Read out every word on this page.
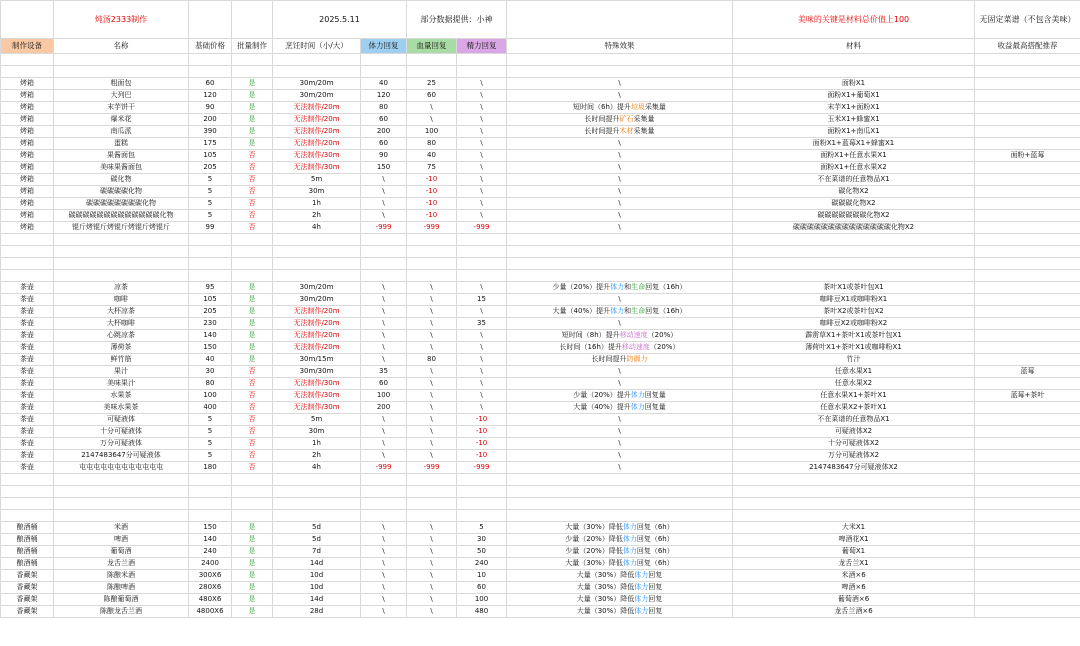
	炖汤2333制作			2025.5.11		部分数据提供：小神			美味的关键是材料总价值上100	无固定菜谱（不包含美味）
制作设备	名称	基础价格	批量制作	烹饪时间（小/大）	体力回复	血量回复	精力回复	特殊效果	材料	收益最高搭配推荐

烤箱	粗面包	60	是	30m/20m	40	25	\	\	面粉X1	
烤箱	大列巴	120	是	30m/20m	120	60	\	\	面粉X1+葡萄X1	
烤箱	末芋饼干	90	是	无法制作/20m	80	\	\	短时间（6h）提升垃圾采集量	末芋X1+面粉X1	
烤箱	爆米花	200	是	无法制作/20m	60	\	\	长时间提升矿石采集量	玉米X1+蜂蜜X1	
烤箱	南瓜派	390	是	无法制作/20m	200	100	\	长时间提升木材采集量	面粉X1+南瓜X1	
烤箱	蛋糕	175	是	无法制作/20m	60	80	\	\	面粉X1+蓝莓X1+蜂蜜X1	
烤箱	果酱面包	105	否	无法制作/30m	90	40	\	\	面粉X1+任意水果X1	面粉+蓝莓
烤箱	美味果酱面包	205	否	无法制作/30m	150	75	\	\	面粉X1+任意水果X2	
烤箱	碳化物	5	否	5m	\	-10	\	\	不在菜谱的任意物品X1	
烤箱	碳碳碳碳化物	5	否	30m	\	-10	\	\	碳化物X2	
烤箱	碳碳碳碳碳碳碳碳化物	5	否	1h	\	-10	\	\	碳碳碳化物X2	
烤箱	碳碳碳碳碳碳碳碳碳碳碳碳碳化物	5	否	2h	\	-10	\	\	碳碳碳碳碳碳碳化物X2	
烤箱	锟斤烤锟斤烤锟斤烤锟斤烤锟斤	99	否	4h	-999	-999	-999	\	碳碳碳碳碳碳碳碳碳碳碳碳碳碳化物X2	

茶壶	凉茶	95	是	30m/20m	\	\	\	少量（20%）提升体力和生命回复（16h）	茶叶X1或茶叶包X1	
茶壶	咖啡	105	是	30m/20m	\	\	15	\	咖啡豆X1或咖啡粉X1	
茶壶	大杯凉茶	205	是	无法制作/20m	\	\	\	大量（40%）提升体力和生命回复（16h）	茶叶X2或茶叶包X2	
茶壶	大杯咖啡	230	是	无法制作/20m	\	\	35	\	咖啡豆X2或咖啡粉X2	
茶壶	心跳凉茶	140	是	无法制作/20m	\	\	\	短时间（8h）提升移动速度（20%）	霹雳草X1+茶叶X1或茶叶包X1	
茶壶	薄荷茶	150	是	无法制作/20m	\	\	\	长时间（16h）提升移动速度（20%）	薄荷叶X1+茶叶X1或咖啡粉X1	
茶壶	鲜竹筋	40	是	30m/15m	\	80	\	长时间提升防御力	竹汁	
茶壶	果汁	30	否	30m/30m	35	\	\	\	任意水果X1	蓝莓
茶壶	美味果汁	80	否	无法制作/30m	60	\	\	\	任意水果X2	
茶壶	水果茶	100	否	无法制作/30m	100	\	\	少量（20%）提升体力回复量	任意水果X1+茶叶X1	蓝莓+茶叶
茶壶	美味水果茶	400	否	无法制作/30m	200	\	\	大量（40%）提升体力回复量	任意水果X2+茶叶X1	
茶壶	可疑液体	5	否	5m	\	\	-10	\	不在菜谱的任意物品X1	
茶壶	十分可疑液体	5	否	30m	\	\	-10	\	可疑液体X2	
茶壶	万分可疑液体	5	否	1h	\	\	-10	\	十分可疑液体X2	
茶壶	2147483647分可疑液体	5	否	2h	\	\	-10	\	万分可疑液体X2	
茶壶	屯屯屯屯屯屯屯屯屯屯屯屯	180	否	4h	-999	-999	-999	\	2147483647分可疑液体X2	

酿酒桶	米酒	150	是	5d	\	\	5	大量（30%）降低体力回复（6h）	大米X1	
酿酒桶	啤酒	140	是	5d	\	\	30	少量（20%）降低体力回复（6h）	啤酒花X1	
酿酒桶	葡萄酒	240	是	7d	\	\	50	少量（20%）降低体力回复（6h）	葡萄X1	
酿酒桶	龙舌兰酒	2400	是	14d	\	\	240	大量（30%）降低体力回复（6h）	龙舌兰X1	
香藏架	陈酿米酒	300X6	是	10d	\	\	10	大量（30%）降低体力回复	米酒×6	
香藏架	陈酿啤酒	280X6	是	10d	\	\	60	大量（30%）降低体力回复	啤酒×6	
香藏架	陈酿葡萄酒	480X6	是	14d	\	\	100	大量（30%）降低体力回复	葡萄酒×6	
香藏架	陈酿龙舌兰酒	4800X6	是	28d	\	\	480	大量（30%）降低体力回复	龙舌兰酒×6	
